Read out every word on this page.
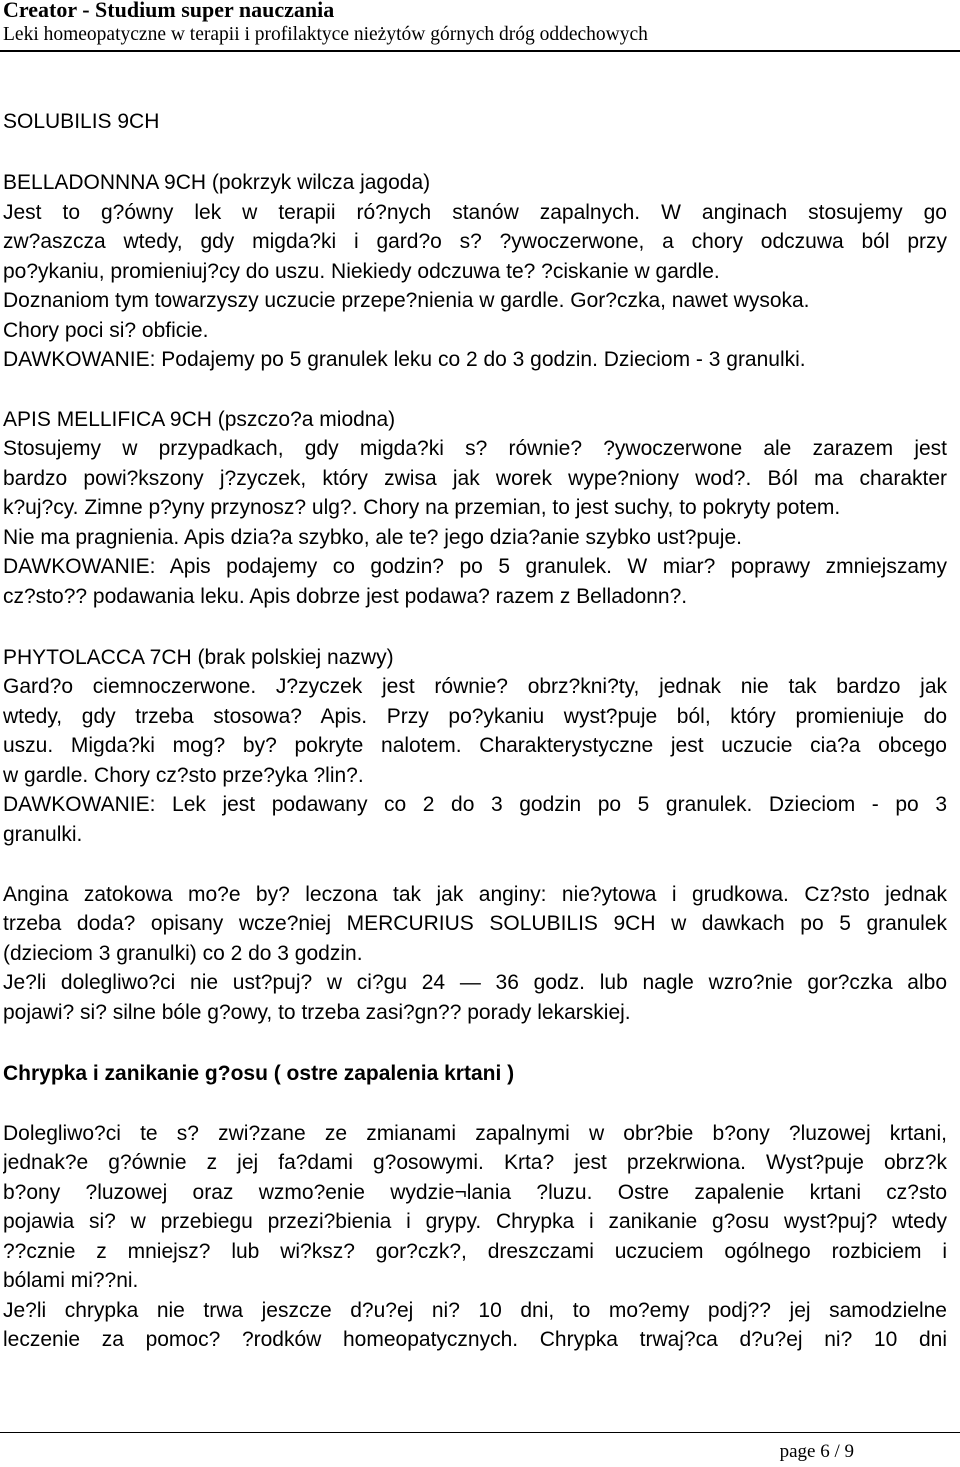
Creator - Studium super nauczania
Leki homeopatyczne w terapii i profilaktyce nieżytów górnych dróg oddechowych
SOLUBILIS 9CH
BELLADONNNA 9CH (pokrzyk wilcza jagoda)
Jest to g?ówny lek w terapii ró?nych stanów zapalnych. W anginach stosujemy go
zw?aszcza wtedy, gdy migda?ki i gard?o s? ?ywoczerwone, a chory odczuwa ból przy
po?ykaniu, promieniuj?cy do uszu. Niekiedy odczuwa te? ?ciskanie w gardle.
Doznaniom tym towarzyszy uczucie przepe?nienia w gardle. Gor?czka, nawet wysoka.
Chory poci si? obficie.
DAWKOWANIE: Podajemy po 5 granulek leku co 2 do 3 godzin. Dzieciom - 3 granulki.
APIS MELLIFICA 9CH (pszczo?a miodna)
Stosujemy w przypadkach, gdy migda?ki s? równie? ?ywoczerwone ale zarazem jest
bardzo powi?kszony j?zyczek, który zwisa jak worek wype?niony wod?. Ból ma charakter
k?uj?cy. Zimne p?yny przynosz? ulg?. Chory na przemian, to jest suchy, to pokryty potem.
Nie ma pragnienia. Apis dzia?a szybko, ale te? jego dzia?anie szybko ust?puje.
DAWKOWANIE: Apis podajemy co godzin? po 5 granulek. W miar? poprawy zmniejszamy
cz?sto?? podawania leku. Apis dobrze jest podawa? razem z Belladonn?.
PHYTOLACCA 7CH (brak polskiej nazwy)
Gard?o ciemnoczerwone. J?zyczek jest równie? obrz?kni?ty, jednak nie tak bardzo jak
wtedy, gdy trzeba stosowa? Apis. Przy po?ykaniu wyst?puje ból, który promieniuje do
uszu. Migda?ki mog? by? pokryte nalotem. Charakterystyczne jest uczucie cia?a obcego
w gardle. Chory cz?sto prze?yka ?lin?.
DAWKOWANIE: Lek jest podawany co 2 do 3 godzin po 5 granulek. Dzieciom - po 3
granulki.
Angina zatokowa mo?e by? leczona tak jak anginy: nie?ytowa i grudkowa. Cz?sto jednak
trzeba doda? opisany wcze?niej MERCURIUS SOLUBILIS 9CH w dawkach po 5 granulek
(dzieciom 3 granulki) co 2 do 3 godzin.
Je?li dolegliwo?ci nie ust?puj? w ci?gu 24 — 36 godz. lub nagle wzro?nie gor?czka albo
pojawi? si? silne bóle g?owy, to trzeba zasi?gn?? porady lekarskiej.
Chrypka i zanikanie g?osu ( ostre zapalenia krtani )
Dolegliwo?ci te s? zwi?zane ze zmianami zapalnymi w obr?bie b?ony ?luzowej krtani,
jednak?e g?ównie z jej fa?dami g?osowymi. Krta? jest przekrwiona. Wyst?puje obrz?k
b?ony ?luzowej oraz wzmo?enie wydzie¬lania ?luzu. Ostre zapalenie krtani cz?sto
pojawia si? w przebiegu przezi?bienia i grypy. Chrypka i zanikanie g?osu wyst?puj? wtedy
??cznie z mniejsz? lub wi?ksz? gor?czk?, dreszczami uczuciem ogólnego rozbiciem i
bólami mi??ni.
Je?li chrypka nie trwa jeszcze d?u?ej ni? 10 dni, to mo?emy podj?? jej samodzielne
leczenie za pomoc? ?rodków homeopatycznych. Chrypka trwaj?ca d?u?ej ni? 10 dni
page 6 / 9
